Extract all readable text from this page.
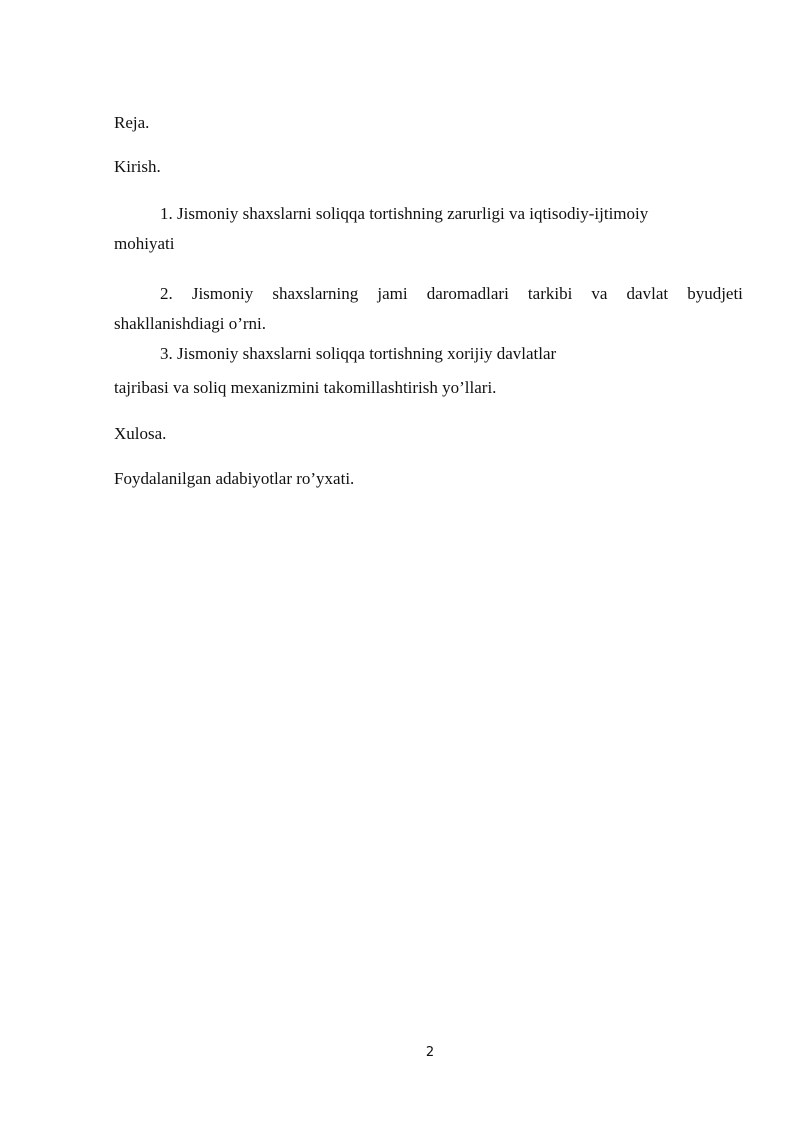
Reja.

Kirish.

1. Jismoniy shaxslarni soliqqa tortishning zarurligi va iqtisodiy-ijtimoiy

mohiyati

2. Jismoniy shaxslarning jami daromadlari tarkibi va davlat byudjeti

shakllanishdiagi o’rni.

3. Jismoniy shaxslarni soliqqa tortishning xorijiy davlatlar

tajribasi va soliq mexanizmini takomillashtirish yo’llari.

Xulosa.

Foydalanilgan adabiyotlar ro’yxati.

2
